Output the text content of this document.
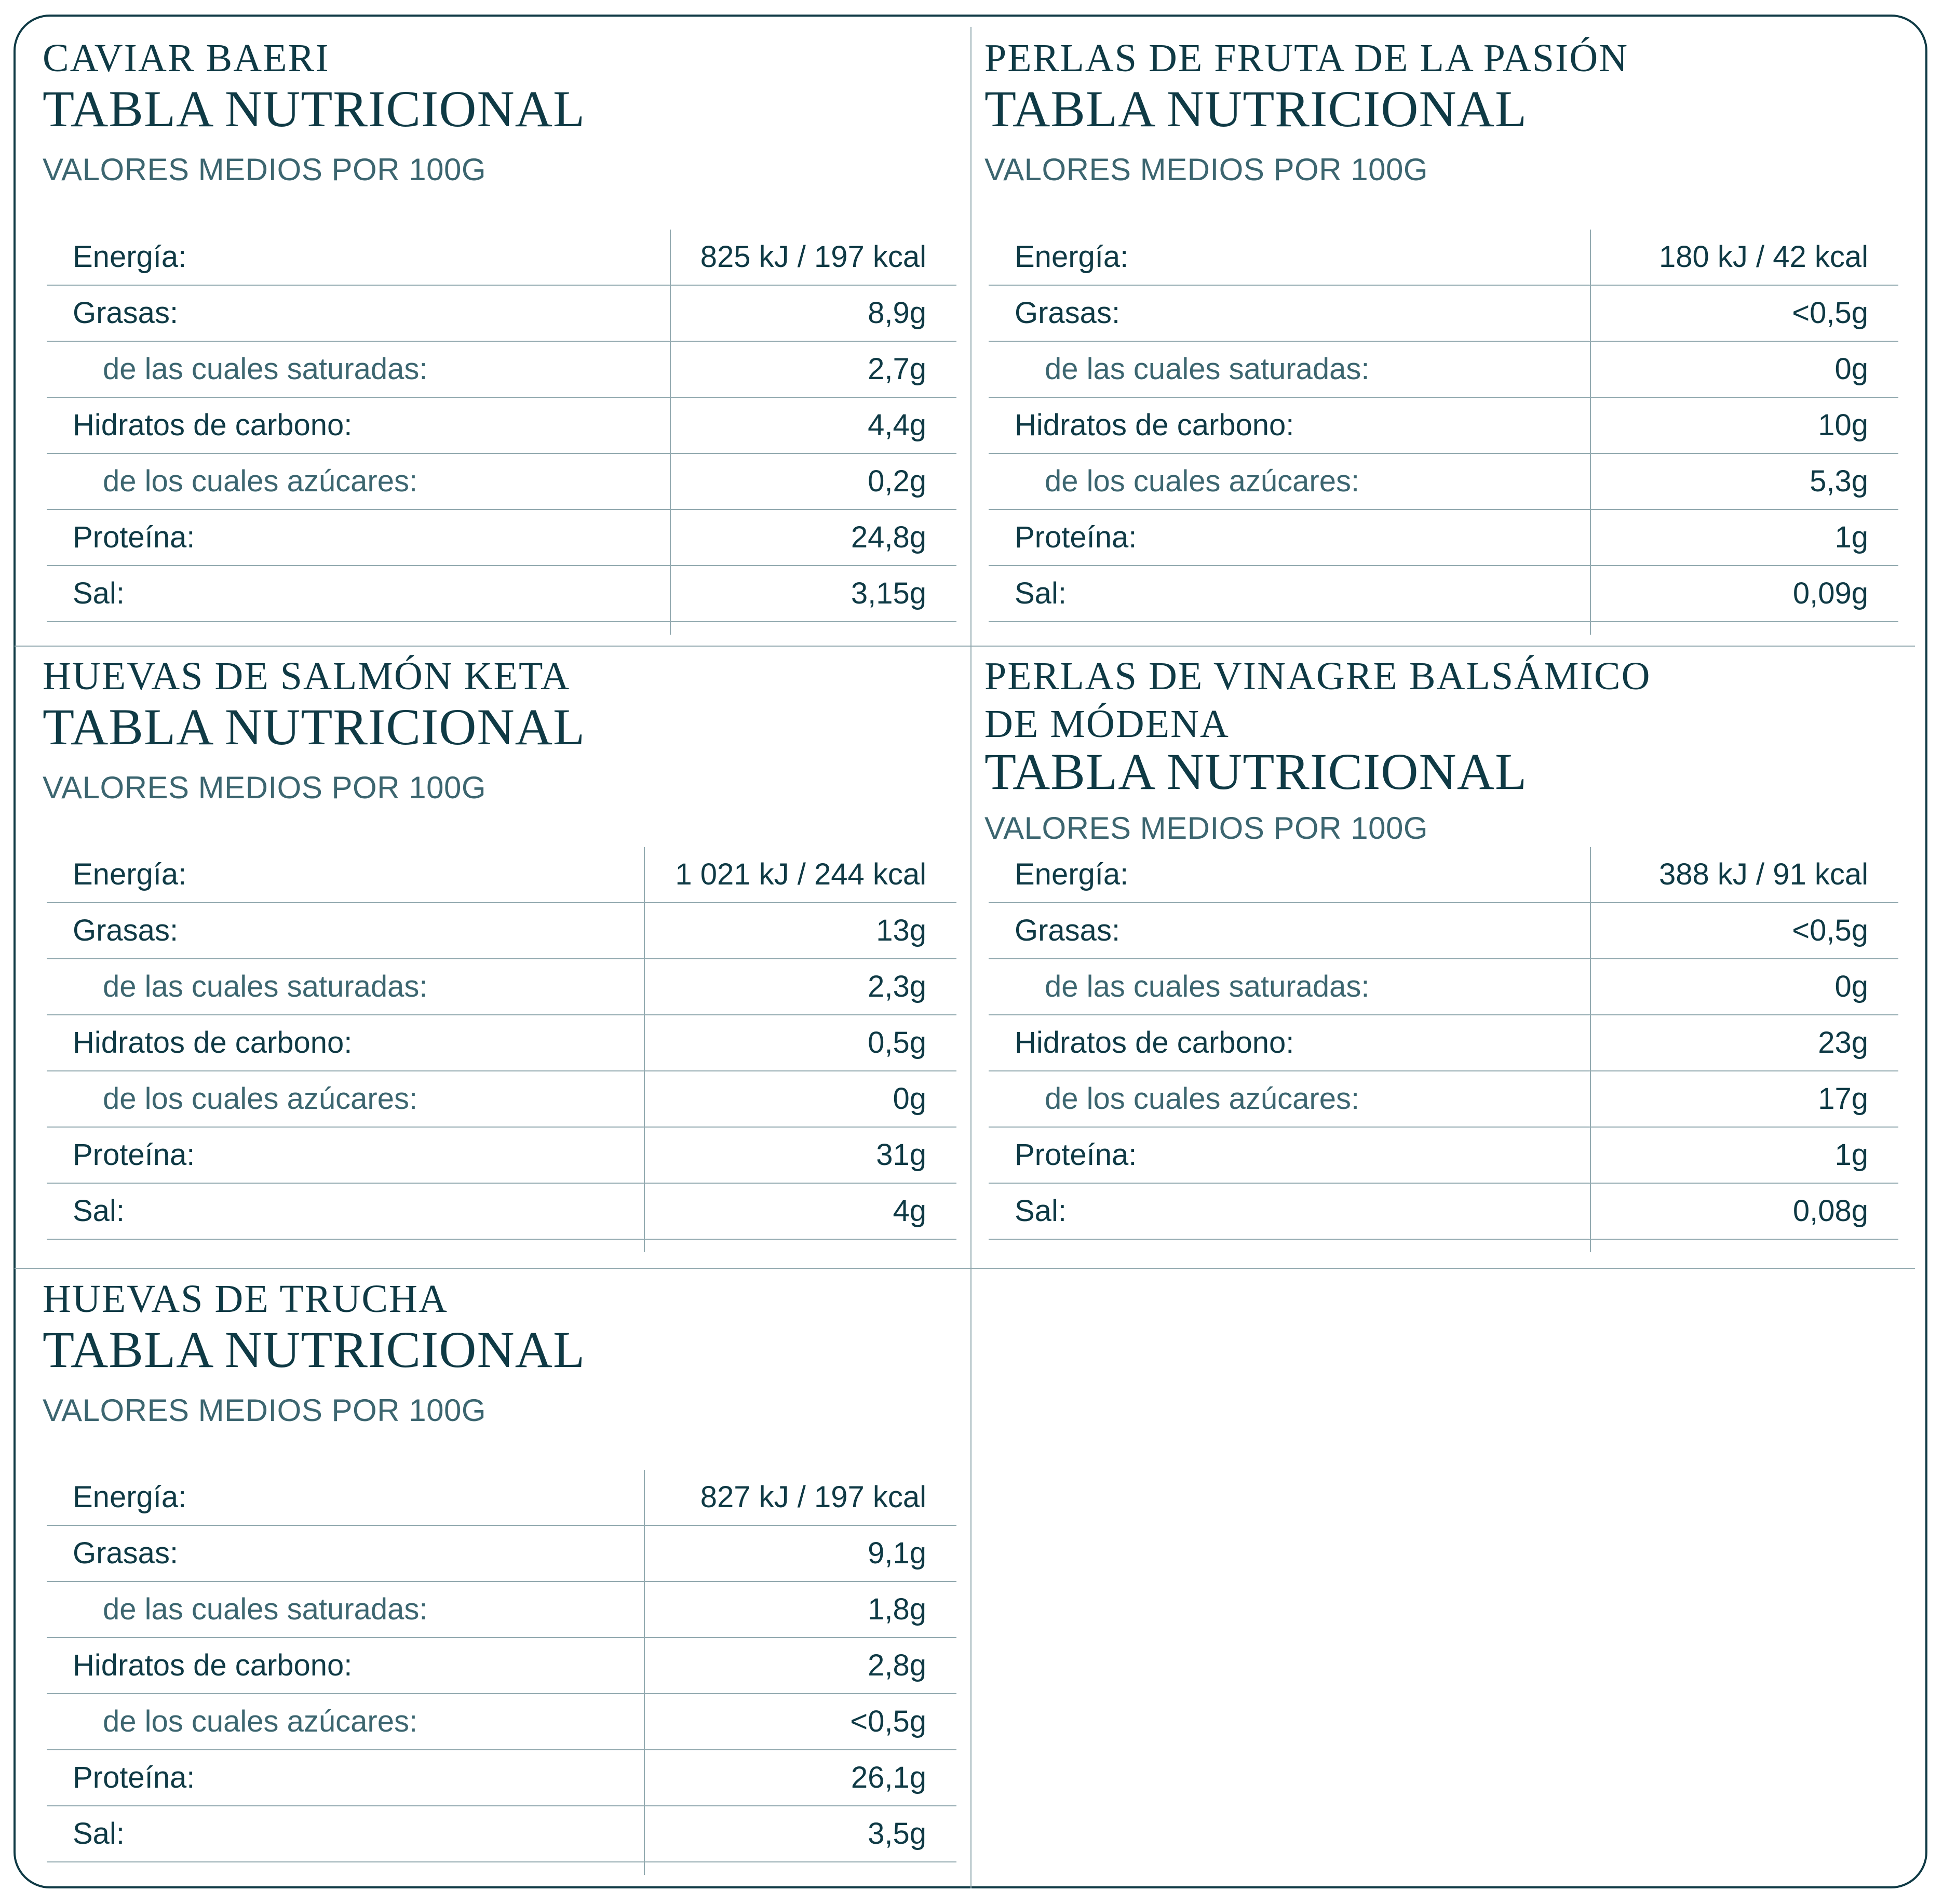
CAVIAR BAERI
TABLA NUTRICIONAL
VALORES MEDIOS POR 100G
Energía:	825 kJ / 197 kcal
Grasas:	8,9g
de las cuales saturadas:	2,7g
Hidratos de carbono:	4,4g
de los cuales azúcares:	0,2g
Proteína:	24,8g
Sal:	3,15g
PERLAS DE FRUTA DE LA PASIÓN
TABLA NUTRICIONAL
VALORES MEDIOS POR 100G
Energía:	180 kJ / 42 kcal
Grasas:	<0,5g
de las cuales saturadas:	0g
Hidratos de carbono:	10g
de los cuales azúcares:	5,3g
Proteína:	1g
Sal:	0,09g
HUEVAS DE SALMÓN KETA
TABLA NUTRICIONAL
VALORES MEDIOS POR 100G
Energía:	1 021 kJ / 244 kcal
Grasas:	13g
de las cuales saturadas:	2,3g
Hidratos de carbono:	0,5g
de los cuales azúcares:	0g
Proteína:	31g
Sal:	4g
PERLAS DE VINAGRE BALSÁMICO
DE MÓDENA
TABLA NUTRICIONAL
VALORES MEDIOS POR 100G
Energía:	388 kJ / 91 kcal
Grasas:	<0,5g
de las cuales saturadas:	0g
Hidratos de carbono:	23g
de los cuales azúcares:	17g
Proteína:	1g
Sal:	0,08g
HUEVAS DE TRUCHA
TABLA NUTRICIONAL
VALORES MEDIOS POR 100G
Energía:	827 kJ / 197 kcal
Grasas:	9,1g
de las cuales saturadas:	1,8g
Hidratos de carbono:	2,8g
de los cuales azúcares:	<0,5g
Proteína:	26,1g
Sal:	3,5g
